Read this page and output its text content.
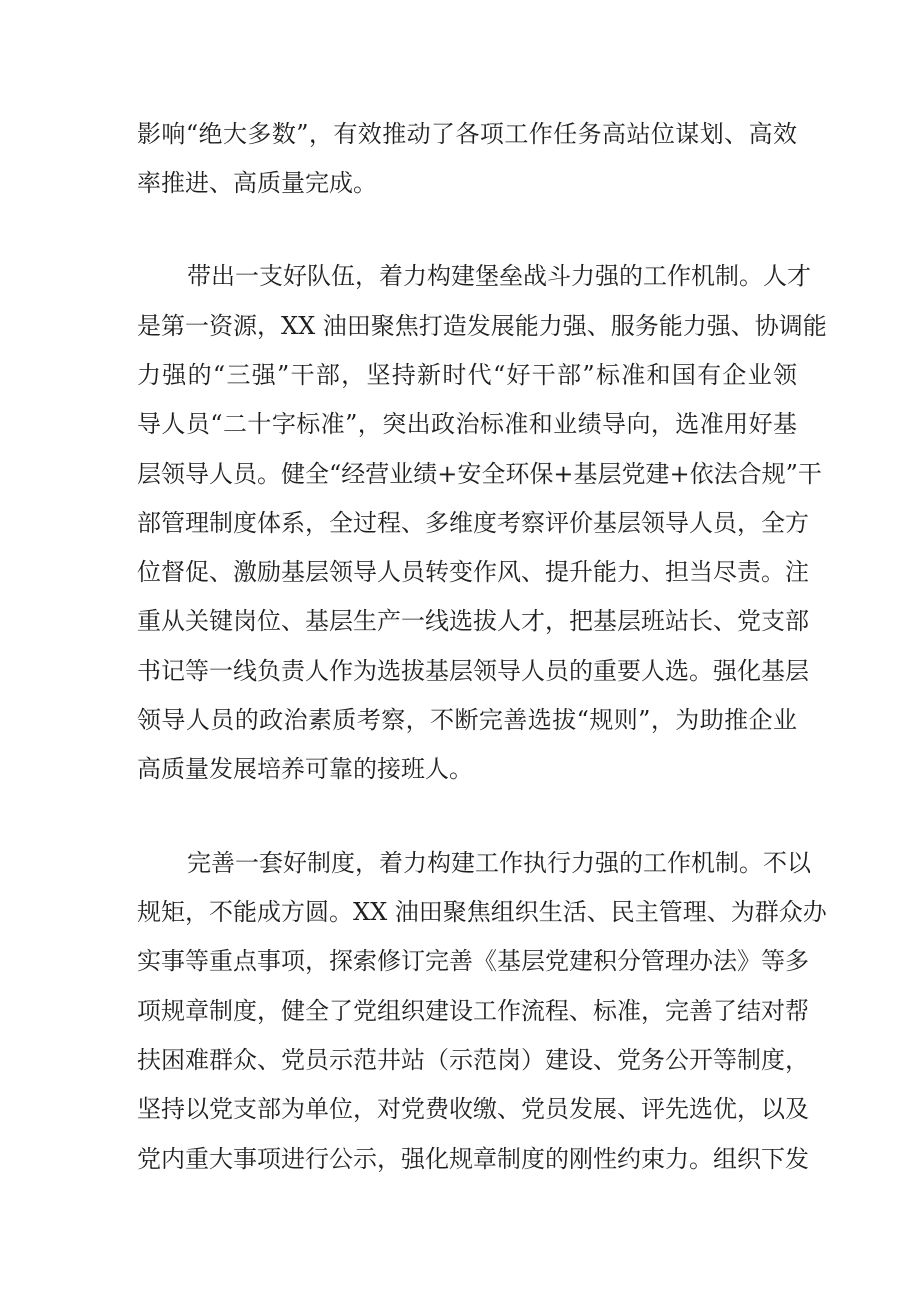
影响“绝大多数”，有效推动了各项工作任务高站位谋划、高效
率推进、高质量完成。
带出一支好队伍，着力构建堡垒战斗力强的工作机制。人才
是第一资源，XX 油田聚焦打造发展能力强、服务能力强、协调能
力强的“三强”干部，坚持新时代“好干部”标准和国有企业领
导人员“二十字标准”，突出政治标准和业绩导向，选准用好基
层领导人员。健全“经营业绩+安全环保+基层党建+依法合规”干
部管理制度体系，全过程、多维度考察评价基层领导人员，全方
位督促、激励基层领导人员转变作风、提升能力、担当尽责。注
重从关键岗位、基层生产一线选拔人才，把基层班站长、党支部
书记等一线负责人作为选拔基层领导人员的重要人选。强化基层
领导人员的政治素质考察，不断完善选拔“规则”，为助推企业
高质量发展培养可靠的接班人。
完善一套好制度，着力构建工作执行力强的工作机制。不以
规矩，不能成方圆。XX 油田聚焦组织生活、民主管理、为群众办
实事等重点事项，探索修订完善《基层党建积分管理办法》等多
项规章制度，健全了党组织建设工作流程、标准，完善了结对帮
扶困难群众、党员示范井站（示范岗）建设、党务公开等制度，
坚持以党支部为单位，对党费收缴、党员发展、评先选优，以及
党内重大事项进行公示，强化规章制度的刚性约束力。组织下发
